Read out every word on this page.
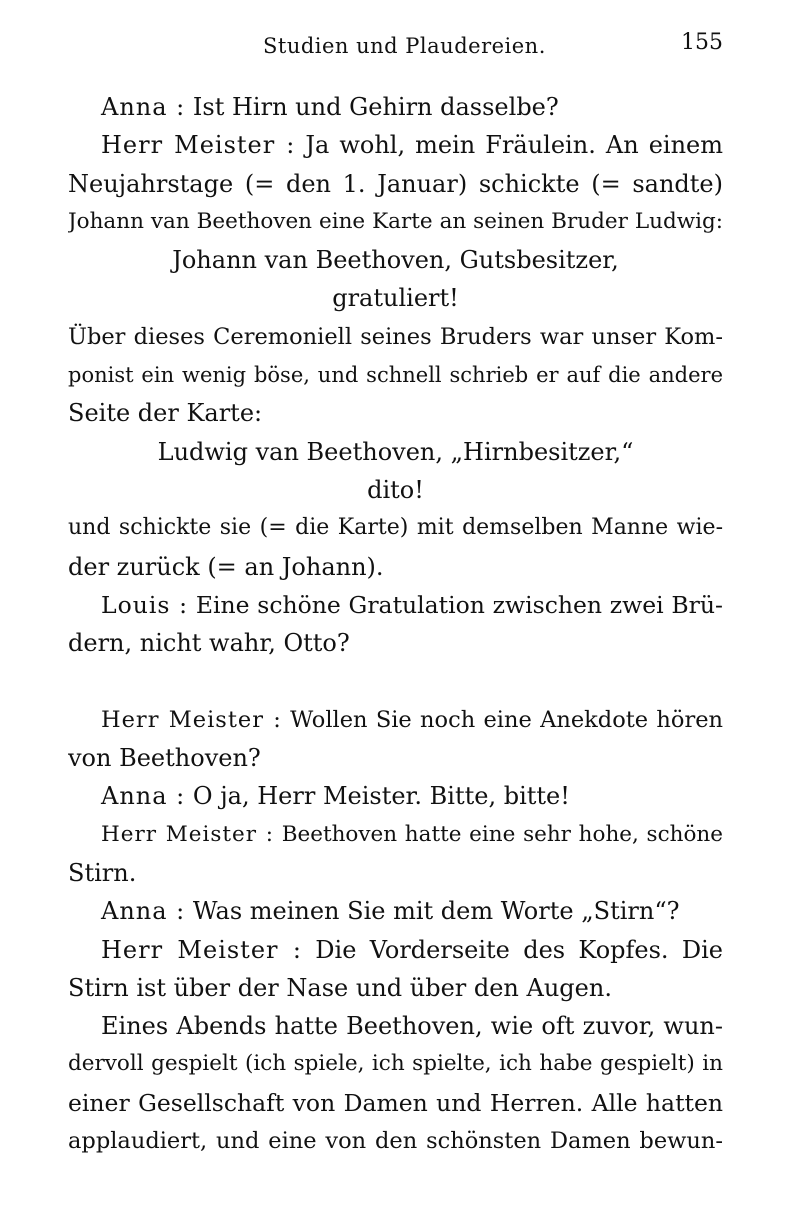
Studien und Plaudereien.	155
Anna : Ist Hirn und Gehirn dasselbe?
Herr Meister : Ja wohl, mein Fräulein. An einem
Neujahrstage (= den 1. Januar) schickte (= sandte)
Johann van Beethoven eine Karte an seinen Bruder Ludwig:
Johann van Beethoven, Gutsbesitzer,
gratuliert!
Über dieses Ceremoniell seines Bruders war unser Kom-
ponist ein wenig böse, und schnell schrieb er auf die andere
Seite der Karte:
Ludwig van Beethoven, „Hirnbesitzer,“
dito!
und schickte sie (= die Karte) mit demselben Manne wie-
der zurück (= an Johann).
Louis : Eine schöne Gratulation zwischen zwei Brü-
dern, nicht wahr, Otto?
Herr Meister : Wollen Sie noch eine Anekdote hören
von Beethoven?
Anna : O ja, Herr Meister. Bitte, bitte!
Herr Meister : Beethoven hatte eine sehr hohe, schöne
Stirn.
Anna : Was meinen Sie mit dem Worte „Stirn“?
Herr Meister : Die Vorderseite des Kopfes. Die
Stirn ist über der Nase und über den Augen.
Eines Abends hatte Beethoven, wie oft zuvor, wun-
dervoll gespielt (ich spiele, ich spielte, ich habe gespielt) in
einer Gesellschaft von Damen und Herren. Alle hatten
applaudiert, und eine von den schönsten Damen bewun-
